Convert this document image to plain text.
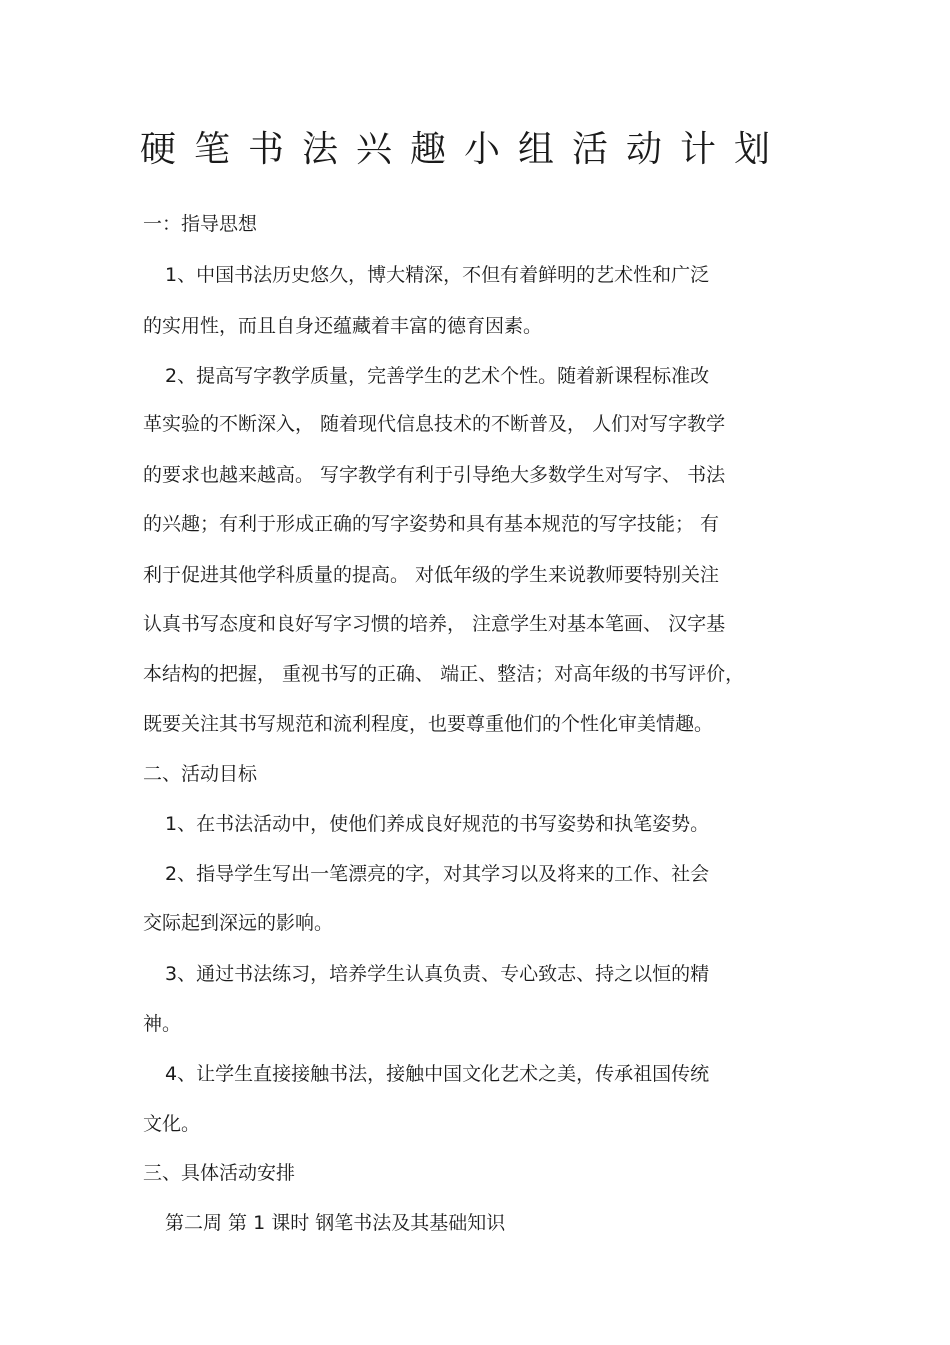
硬笔书法兴趣小组活动计划
一：指导思想
1、中国书法历史悠久，博大精深，不但有着鲜明的艺术性和广泛
的实用性，而且自身还蕴藏着丰富的德育因素。
2、提高写字教学质量，完善学生的艺术个性。随着新课程标准改
革实验的不断深入， 随着现代信息技术的不断普及， 人们对写字教学
的要求也越来越高。 写字教学有利于引导绝大多数学生对写字、 书法
的兴趣；有利于形成正确的写字姿势和具有基本规范的写字技能； 有
利于促进其他学科质量的提高。 对低年级的学生来说教师要特别关注
认真书写态度和良好写字习惯的培养， 注意学生对基本笔画、 汉字基
本结构的把握， 重视书写的正确、 端正、整洁；对高年级的书写评价，
既要关注其书写规范和流利程度，也要尊重他们的个性化审美情趣。
二、活动目标
1、在书法活动中，使他们养成良好规范的书写姿势和执笔姿势。
2、指导学生写出一笔漂亮的字，对其学习以及将来的工作、社会
交际起到深远的影响。
3、通过书法练习，培养学生认真负责、专心致志、持之以恒的精
神。
4、让学生直接接触书法，接触中国文化艺术之美，传承祖国传统
文化。
三、具体活动安排
第二周 第 1 课时 钢笔书法及其基础知识
